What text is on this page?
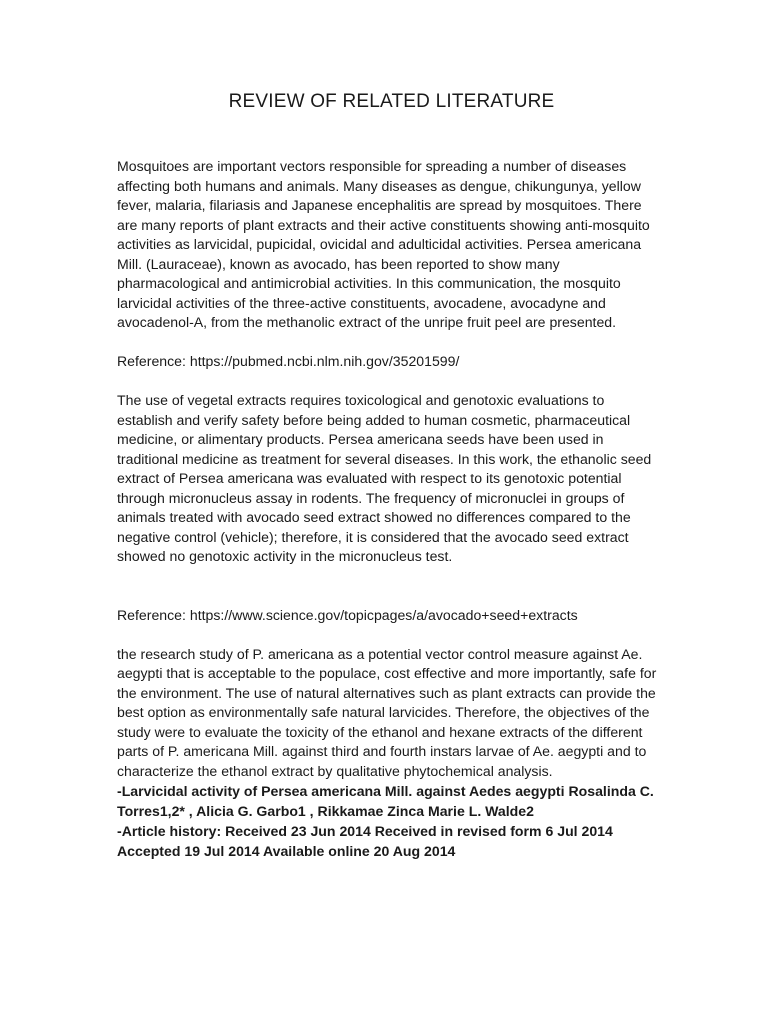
REVIEW OF RELATED LITERATURE

Mosquitoes are important vectors responsible for spreading a number of diseases affecting both humans and animals. Many diseases as dengue, chikungunya, yellow fever, malaria, filariasis and Japanese encephalitis are spread by mosquitoes. There are many reports of plant extracts and their active constituents showing anti-mosquito activities as larvicidal, pupicidal, ovicidal and adulticidal activities. Persea americana Mill. (Lauraceae), known as avocado, has been reported to show many pharmacological and antimicrobial activities. In this communication, the mosquito larvicidal activities of the three-active constituents, avocadene, avocadyne and avocadenol-A, from the methanolic extract of the unripe fruit peel are presented.

Reference: https://pubmed.ncbi.nlm.nih.gov/35201599/

The use of vegetal extracts requires toxicological and genotoxic evaluations to establish and verify safety before being added to human cosmetic, pharmaceutical medicine, or alimentary products. Persea americana seeds have been used in traditional medicine as treatment for several diseases. In this work, the ethanolic seed extract of Persea americana was evaluated with respect to its genotoxic potential through micronucleus assay in rodents. The frequency of micronuclei in groups of animals treated with avocado seed extract showed no differences compared to the negative control (vehicle); therefore, it is considered that the avocado seed extract showed no genotoxic activity in the micronucleus test.

Reference: https://www.science.gov/topicpages/a/avocado+seed+extracts

the research study of P. americana as a potential vector control measure against Ae. aegypti that is acceptable to the populace, cost effective and more importantly, safe for the environment. The use of natural alternatives such as plant extracts can provide the best option as environmentally safe natural larvicides. Therefore, the objectives of the study were to evaluate the toxicity of the ethanol and hexane extracts of the different parts of P. americana Mill. against third and fourth instars larvae of Ae. aegypti and to characterize the ethanol extract by qualitative phytochemical analysis.

-Larvicidal activity of Persea americana Mill. against Aedes aegypti Rosalinda C. Torres1,2* , Alicia G. Garbo1 , Rikkamae Zinca Marie L. Walde2

-Article history: Received 23 Jun 2014 Received in revised form 6 Jul 2014 Accepted 19 Jul 2014 Available online 20 Aug 2014
